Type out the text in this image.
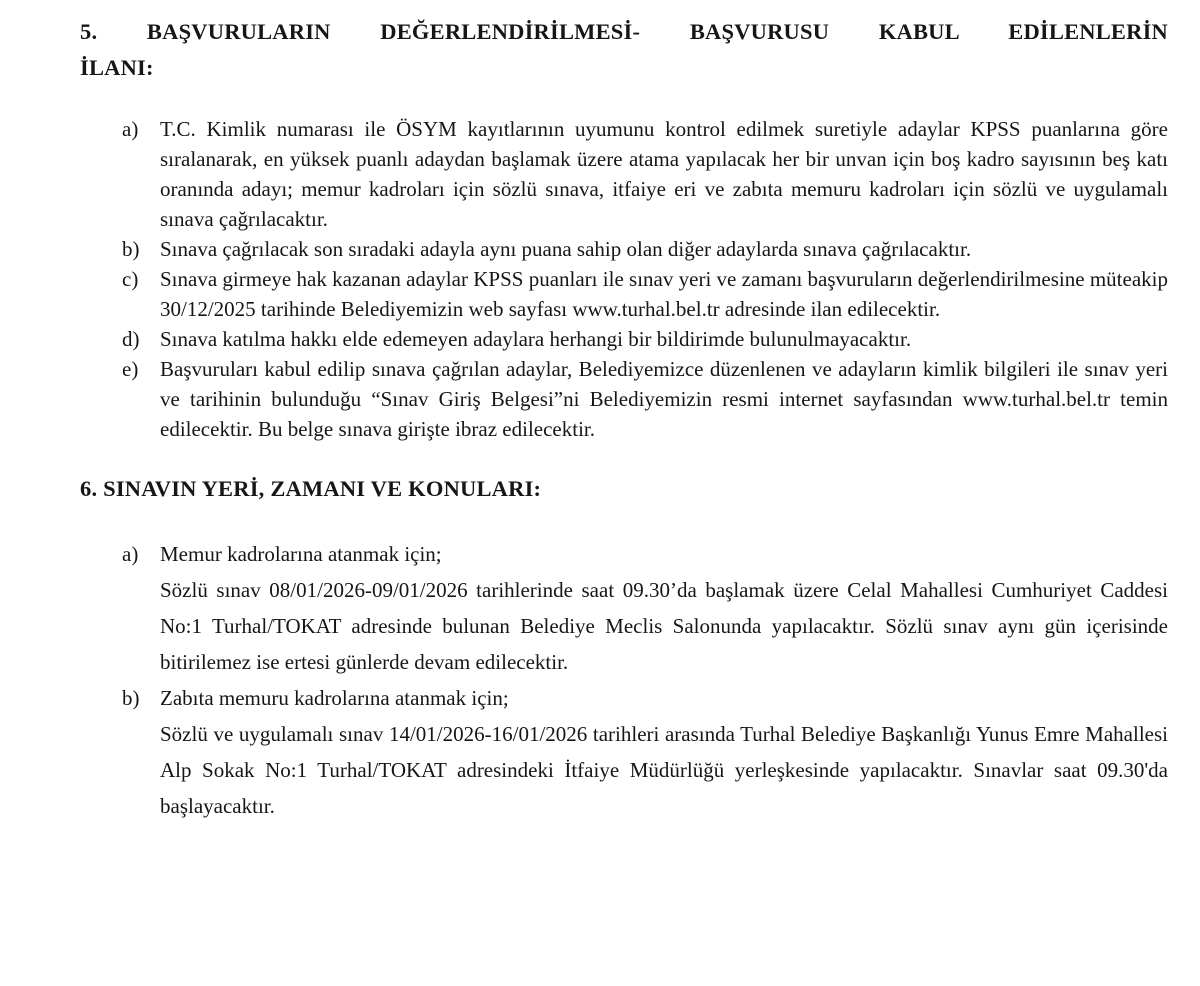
5. BAŞVURULARIN DEĞERLENDİRİLMESİ- BAŞVURUSU KABUL EDİLENLERİN
İLANI:
a) T.C. Kimlik numarası ile ÖSYM kayıtlarının uyumunu kontrol edilmek suretiyle adaylar KPSS puanlarına göre sıralanarak, en yüksek puanlı adaydan başlamak üzere atama yapılacak her bir unvan için boş kadro sayısının beş katı oranında adayı; memur kadroları için sözlü sınava, itfaiye eri ve zabıta memuru kadroları için sözlü ve uygulamalı sınava çağrılacaktır.
b) Sınava çağrılacak son sıradaki adayla aynı puana sahip olan diğer adaylarda sınava çağrılacaktır.
c) Sınava girmeye hak kazanan adaylar KPSS puanları ile sınav yeri ve zamanı başvuruların değerlendirilmesine müteakip 30/12/2025 tarihinde Belediyemizin web sayfası www.turhal.bel.tr adresinde ilan edilecektir.
d) Sınava katılma hakkı elde edemeyen adaylara herhangi bir bildirimde bulunulmayacaktır.
e) Başvuruları kabul edilip sınava çağrılan adaylar, Belediyemizce düzenlenen ve adayların kimlik bilgileri ile sınav yeri ve tarihinin bulunduğu “Sınav Giriş Belgesi”ni Belediyemizin resmi internet sayfasından www.turhal.bel.tr temin edilecektir. Bu belge sınava girişte ibraz edilecektir.
6. SINAVIN YERİ, ZAMANI VE KONULARI:
a) Memur kadrolarına atanmak için;
Sözlü sınav 08/01/2026-09/01/2026 tarihlerinde saat 09.30’da başlamak üzere Celal Mahallesi Cumhuriyet Caddesi No:1 Turhal/TOKAT adresinde bulunan Belediye Meclis Salonunda yapılacaktır. Sözlü sınav aynı gün içerisinde bitirilemez ise ertesi günlerde devam edilecektir.
b) Zabıta memuru kadrolarına atanmak için;
Sözlü ve uygulamalı sınav 14/01/2026-16/01/2026 tarihleri arasında Turhal Belediye Başkanlığı Yunus Emre Mahallesi Alp Sokak No:1 Turhal/TOKAT adresindeki İtfaiye Müdürlüğü yerleşkesinde yapılacaktır. Sınavlar saat 09.30'da başlayacaktır.
